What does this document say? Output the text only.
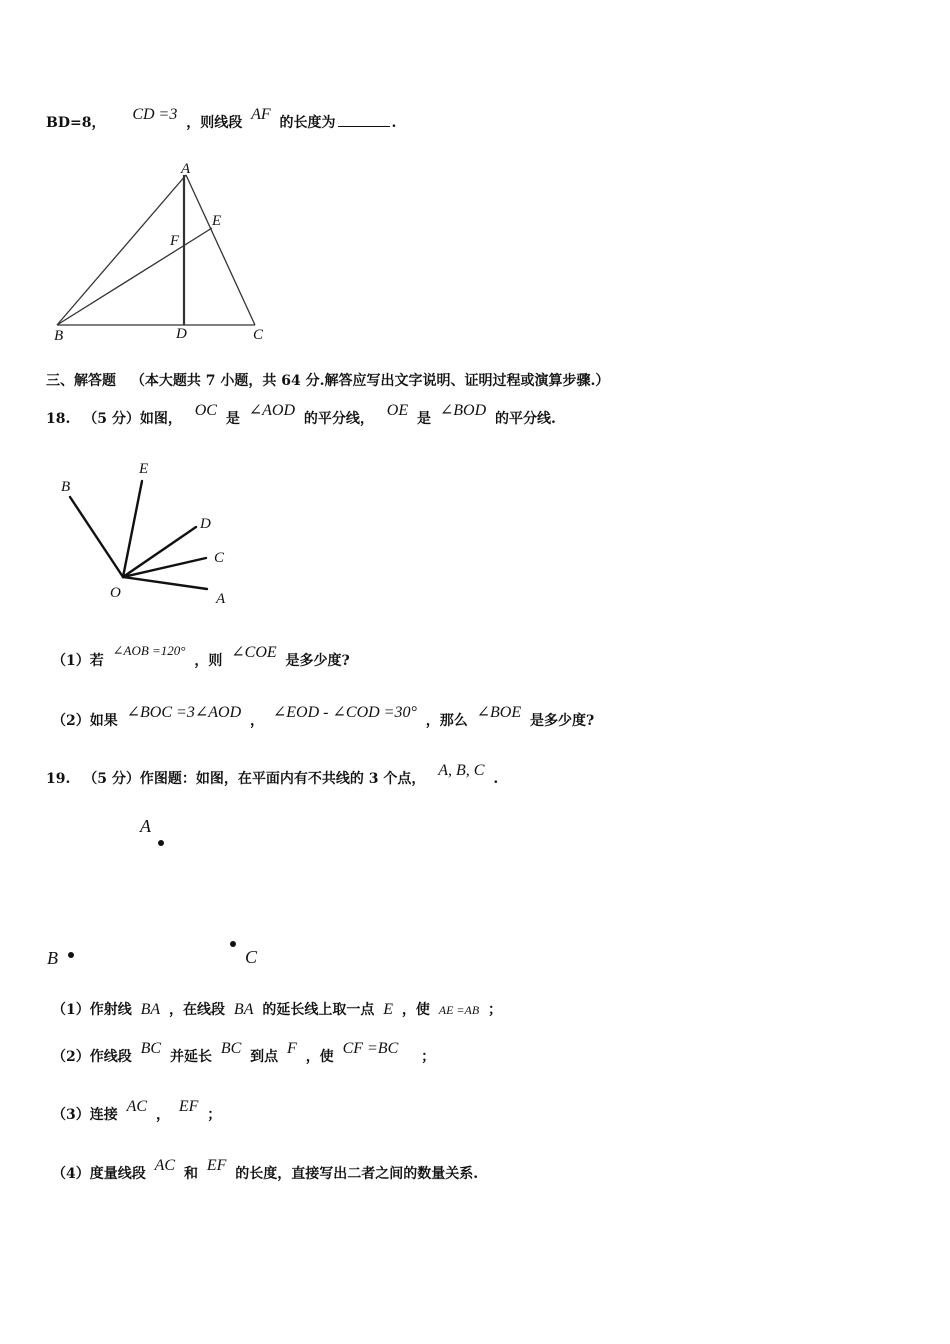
BD=8， CD =3 ，则线段 AF 的长度为	.
A
E
F
B	D	C
三、解答题 （本大题共 7 小题，共 64 分.解答应写出文字说明、证明过程或演算步骤.）
18. （5 分）如图， OC 是 ∠AOD 的平分线， OE 是 ∠BOD 的平分线.
B
E
D
C
O	A
（1）若 ∠AOB =120° ，则 ∠COE 是多少度?
（2）如果 ∠BOC =3∠AOD ， ∠EOD - ∠COD =30° ，那么 ∠BOE 是多少度?
19. （5 分）作图题：如图，在平面内有不共线的 3 个点， A, B, C .
A
B	C
（1）作射线 BA ，在线段 BA 的延长线上取一点 E ，使 AE =AB ；
（2）作线段 BC 并延长 BC 到点 F ，使 CF =BC ；
（3）连接 AC ， EF ；
（4）度量线段 AC 和 EF 的长度，直接写出二者之间的数量关系.
